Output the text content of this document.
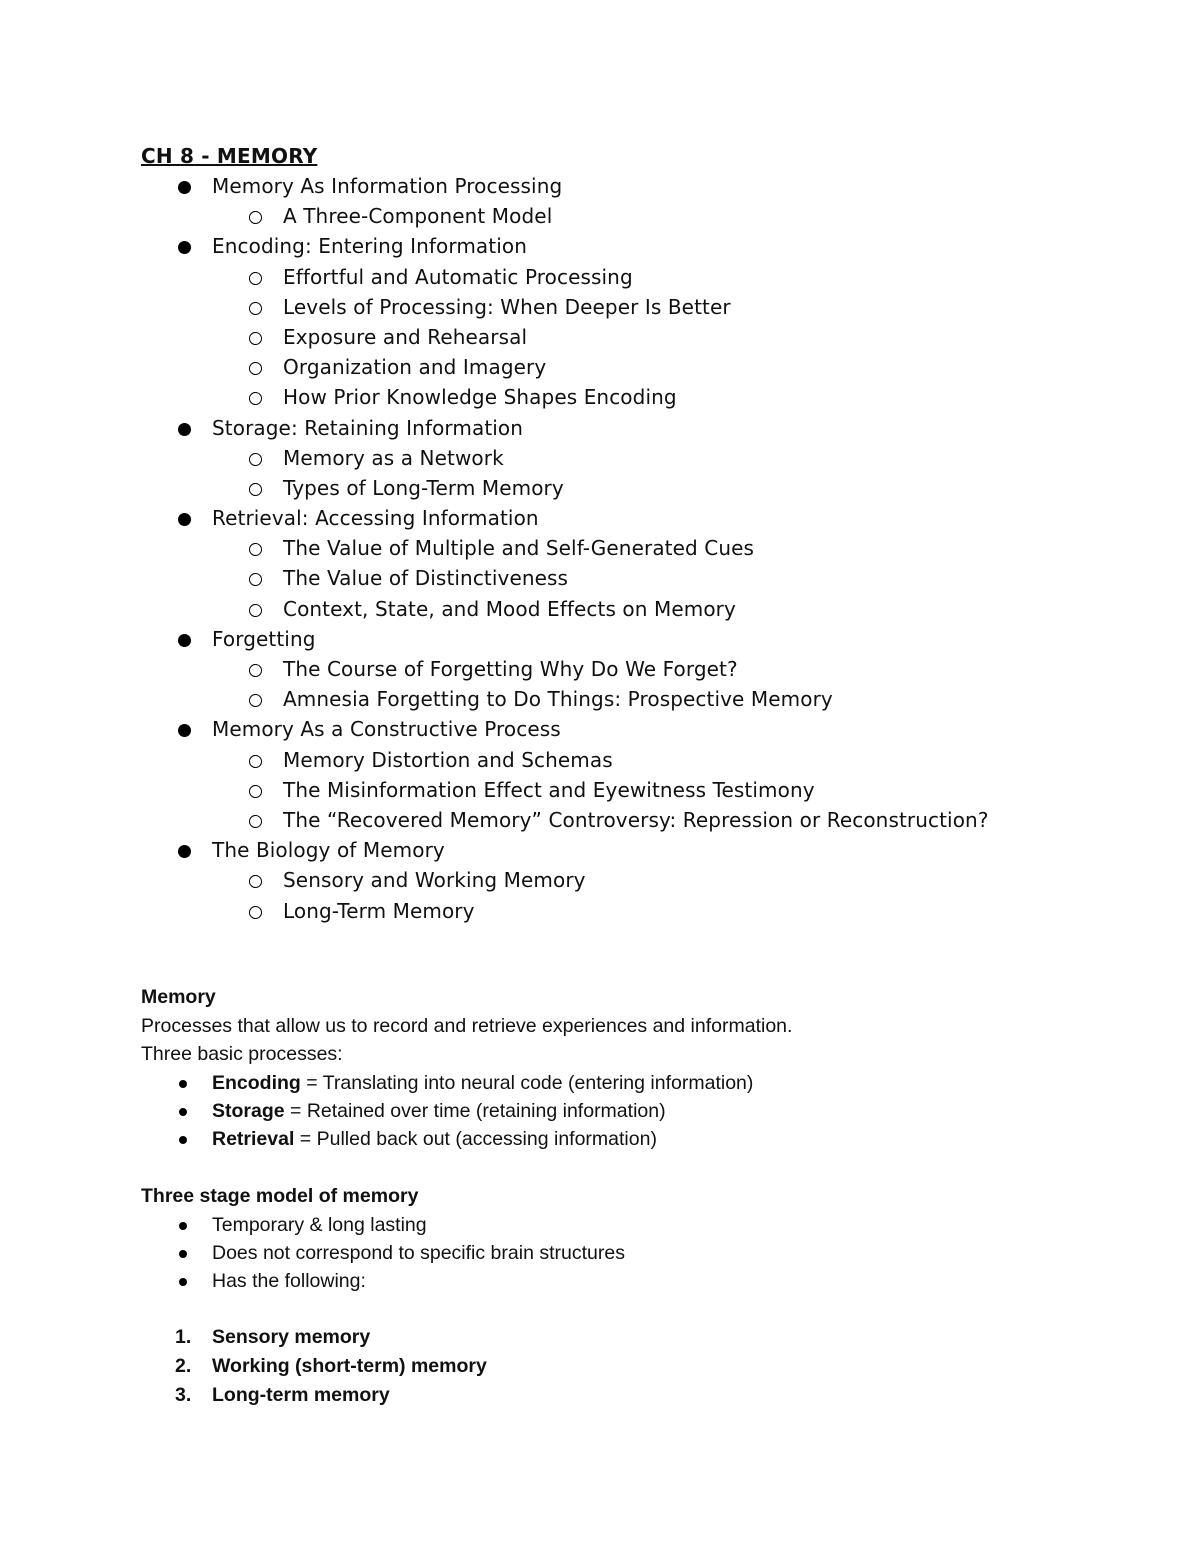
CH 8 - MEMORY
Memory As Information Processing
A Three-Component Model
Encoding: Entering Information
Effortful and Automatic Processing
Levels of Processing: When Deeper Is Better
Exposure and Rehearsal
Organization and Imagery
How Prior Knowledge Shapes Encoding
Storage: Retaining Information
Memory as a Network
Types of Long-Term Memory
Retrieval: Accessing Information
The Value of Multiple and Self-Generated Cues
The Value of Distinctiveness
Context, State, and Mood Effects on Memory
Forgetting
The Course of Forgetting Why Do We Forget?
Amnesia Forgetting to Do Things: Prospective Memory
Memory As a Constructive Process
Memory Distortion and Schemas
The Misinformation Effect and Eyewitness Testimony
The “Recovered Memory” Controversy: Repression or Reconstruction?
The Biology of Memory
Sensory and Working Memory
Long-Term Memory
Memory
Processes that allow us to record and retrieve experiences and information.
Three basic processes:
Encoding = Translating into neural code (entering information)
Storage = Retained over time (retaining information)
Retrieval = Pulled back out (accessing information)
Three stage model of memory
Temporary & long lasting
Does not correspond to specific brain structures
Has the following:
1. Sensory memory
2. Working (short-term) memory
3. Long-term memory
